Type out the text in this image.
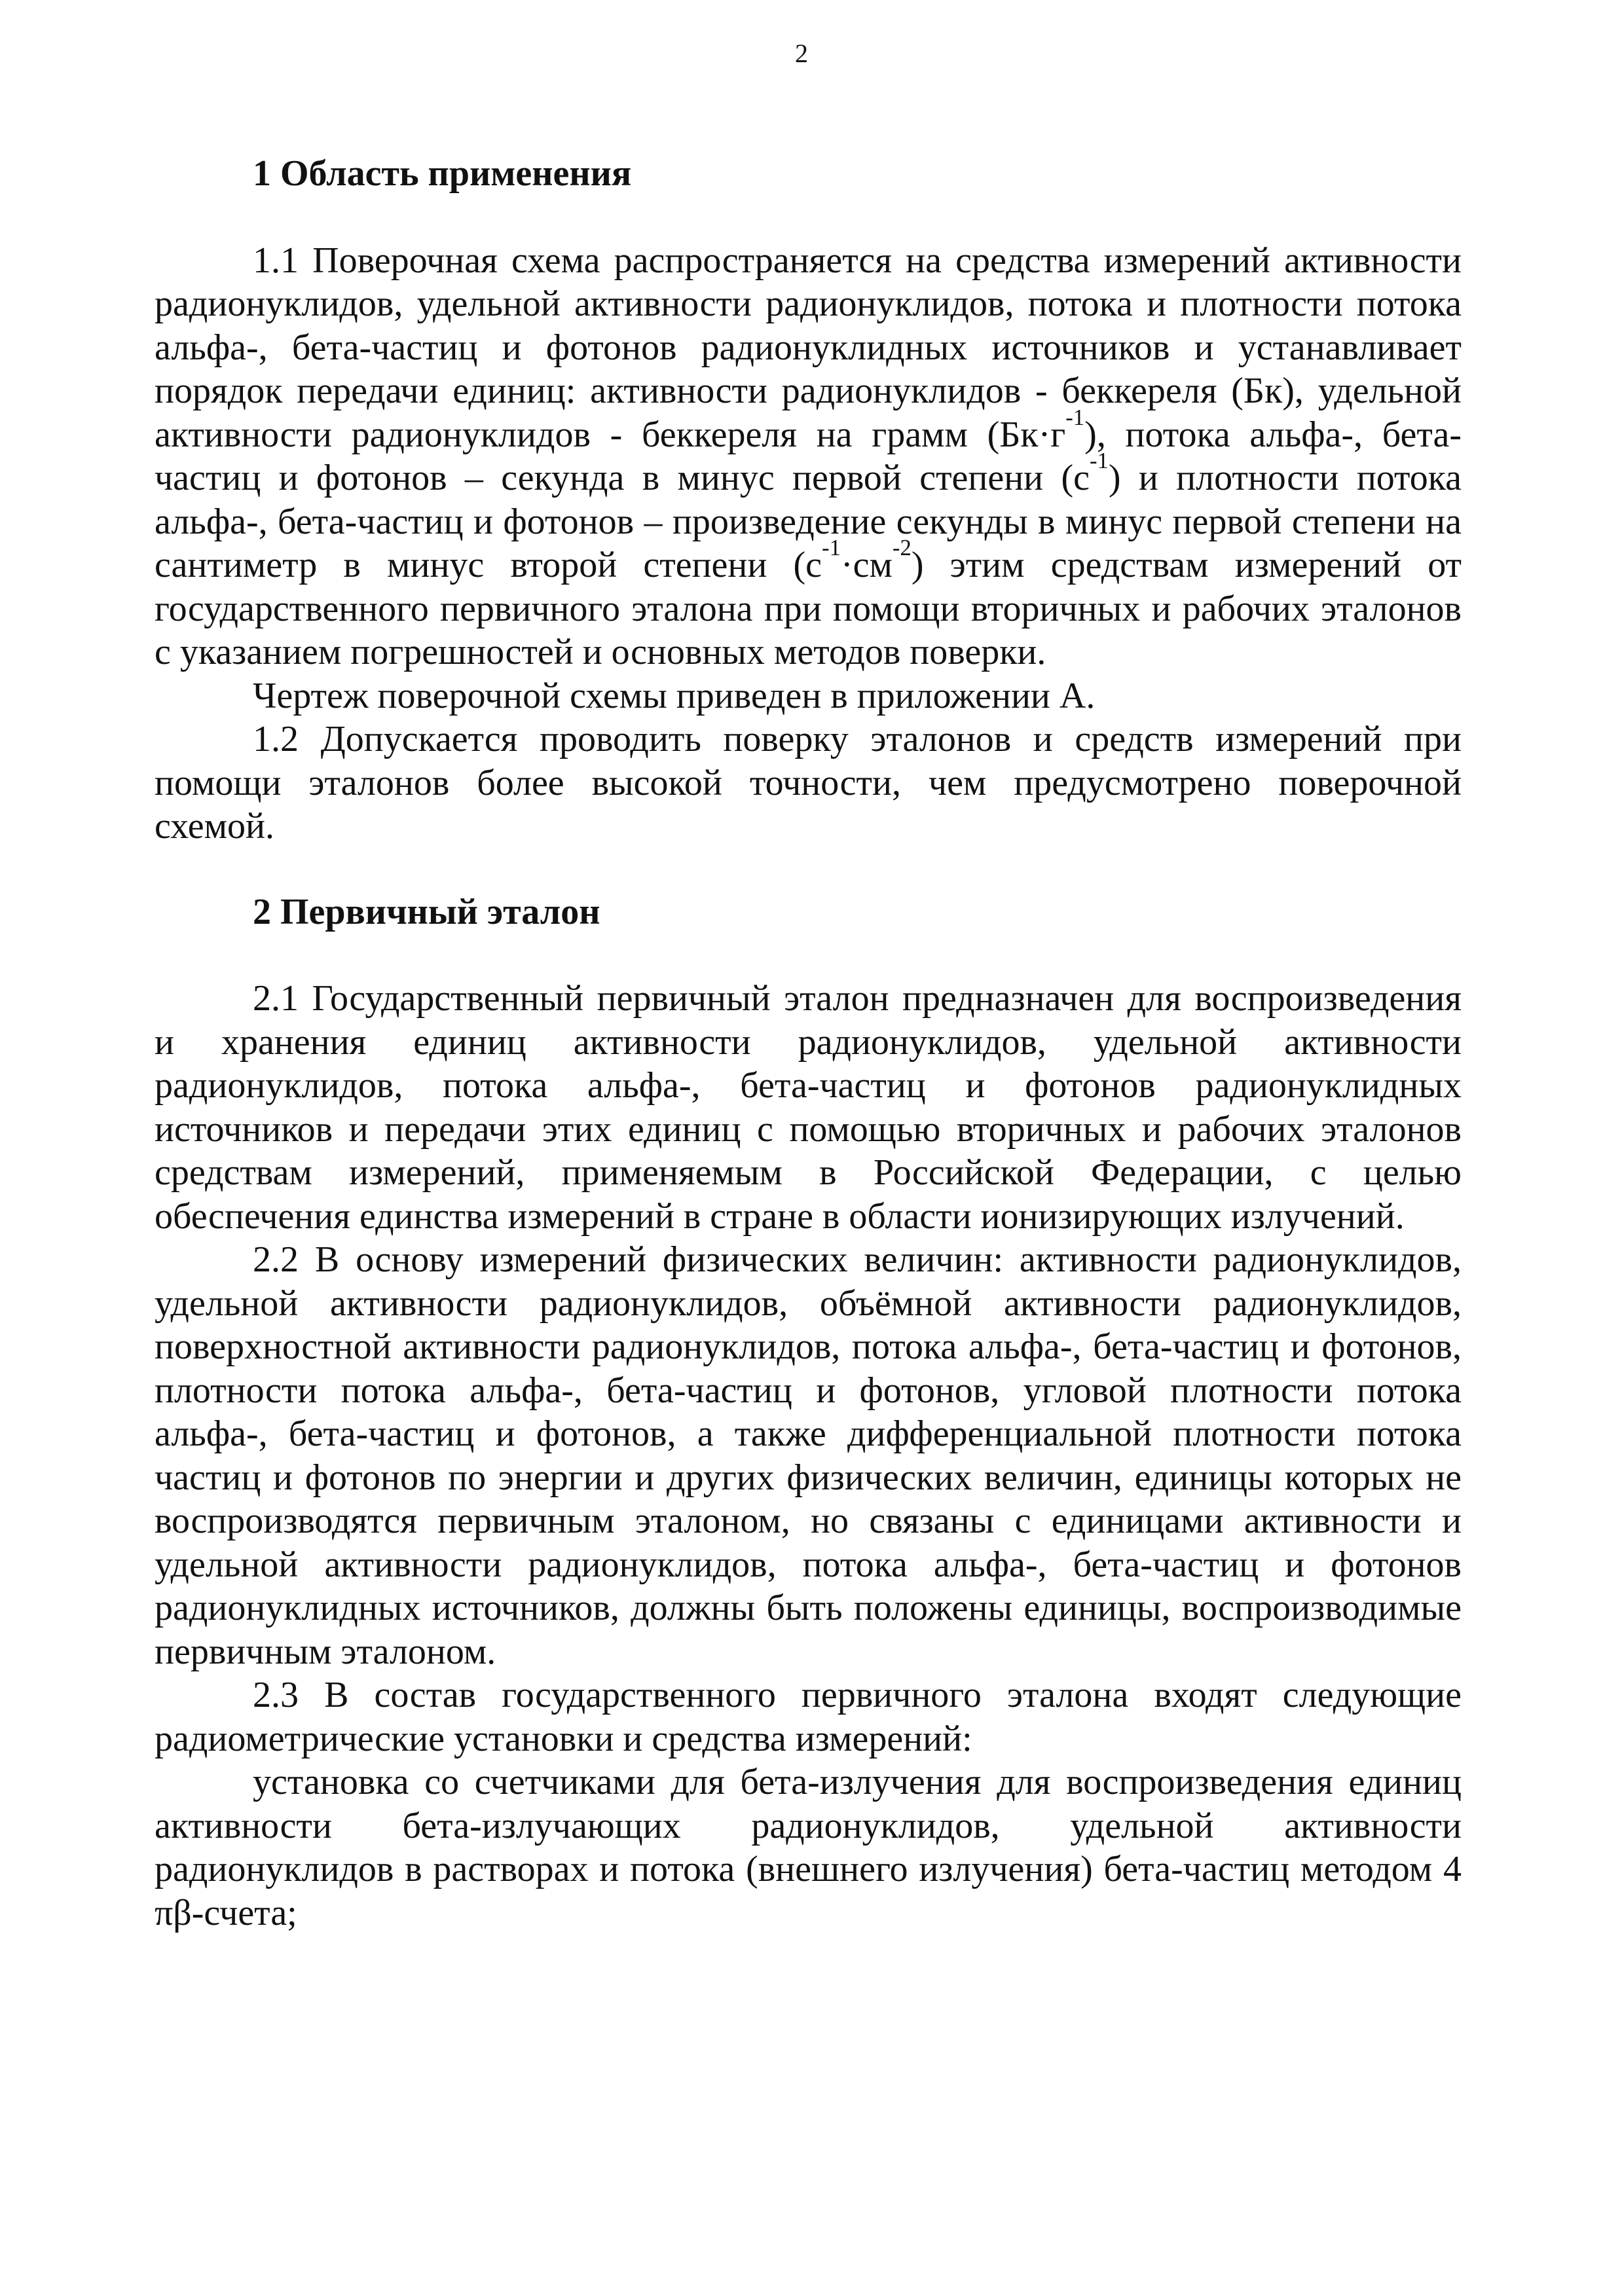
2
1 Область применения

1.1 Поверочная схема распространяется на средства измерений активности радионуклидов, удельной активности радионуклидов, потока и плотности потока альфа-, бета-частиц и фотонов радионуклидных источников и устанавливает порядок передачи единиц: активности радионуклидов - беккереля (Бк), удельной активности радионуклидов - беккереля на грамм $(Бк\cdot г^{-1})$, потока альфа-, бета-частиц и фотонов – секунда в минус первой степени $(с^{-1})$ и плотности потока альфа-, бета-частиц и фотонов – произведение секунды в минус первой степени на сантиметр в минус второй степени $(с^{-1}\cdot см^{-2})$ этим средствам измерений от государственного первичного эталона при помощи вторичных и рабочих эталонов с указанием погрешностей и основных методов поверки.

Чертеж поверочной схемы приведен в приложении А.

1.2 Допускается проводить поверку эталонов и средств измерений при помощи эталонов более высокой точности, чем предусмотрено поверочной схемой.

2 Первичный эталон

2.1 Государственный первичный эталон предназначен для воспроизведения и хранения единиц активности радионуклидов, удельной активности радионуклидов, потока альфа-, бета-частиц и фотонов радионуклидных источников и передачи этих единиц с помощью вторичных и рабочих эталонов средствам измерений, применяемым в Российской Федерации, с целью обеспечения единства измерений в стране в области ионизирующих излучений.

2.2 В основу измерений физических величин: активности радионуклидов, удельной активности радионуклидов, объёмной активности радионуклидов, поверхностной активности радионуклидов, потока альфа-, бета-частиц и фотонов, плотности потока альфа-, бета-частиц и фотонов, угловой плотности потока альфа-, бета-частиц и фотонов, а также дифференциальной плотности потока частиц и фотонов по энергии и других физических величин, единицы которых не воспроизводятся первичным эталоном, но связаны с единицами активности и удельной активности радионуклидов, потока альфа-, бета-частиц и фотонов радионуклидных источников, должны быть положены единицы, воспроизводимые первичным эталоном.

2.3 В состав государственного первичного эталона входят следующие радиометрические установки и средства измерений:

установка со счетчиками для бета-излучения для воспроизведения единиц активности бета-излучающих радионуклидов, удельной активности радионуклидов в растворах и потока (внешнего излучения) бета-частиц методом 4 πβ-счета;
